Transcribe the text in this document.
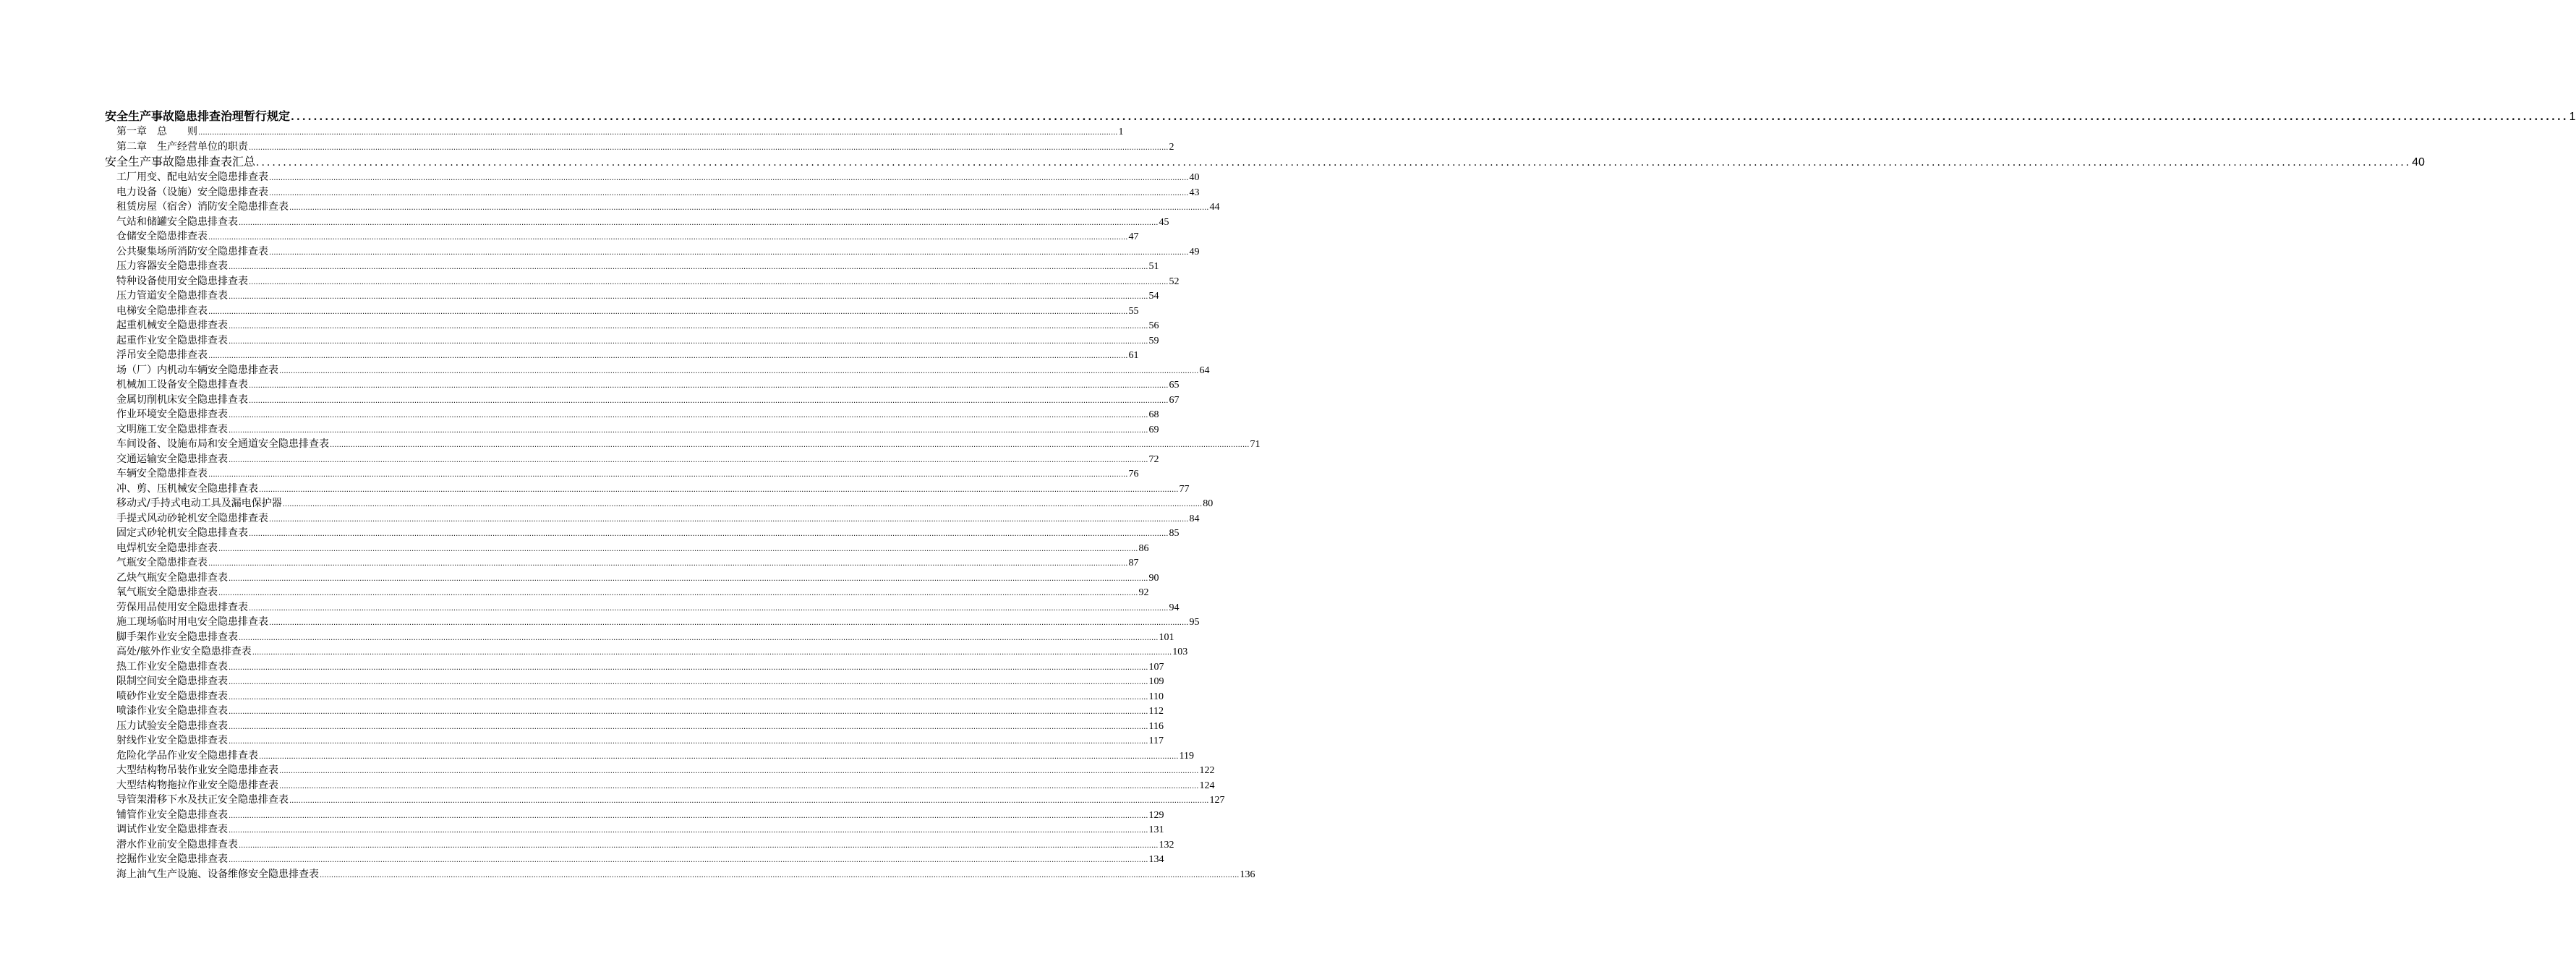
安全生产事故隐患排查治理暂行规定 ................................................................................................................................................................................................................................................................................................................................................................................................................ 1
第一章　总　　则 ................................................................................................................................................................................................................................................................................................................................................................................................................ 1
第二章　生产经营单位的职责 ................................................................................................................................................................................................................................................................................................................................................................................................................ 2
安全生产事故隐患排查表汇总 ................................................................................................................................................................................................................................................................................................................................................................................................................ 40
工厂用变、配电站安全隐患排查表 ................................................................................................................................................................................................................................................................................................................................................................................................................ 40
电力设备（设施）安全隐患排查表 ................................................................................................................................................................................................................................................................................................................................................................................................................ 43
租赁房屋（宿舍）消防安全隐患排查表 ................................................................................................................................................................................................................................................................................................................................................................................................................ 44
气站和储罐安全隐患排查表 ................................................................................................................................................................................................................................................................................................................................................................................................................ 45
仓储安全隐患排查表 ................................................................................................................................................................................................................................................................................................................................................................................................................ 47
公共聚集场所消防安全隐患排查表 ................................................................................................................................................................................................................................................................................................................................................................................................................ 49
压力容器安全隐患排查表 ................................................................................................................................................................................................................................................................................................................................................................................................................ 51
特种设备使用安全隐患排查表 ................................................................................................................................................................................................................................................................................................................................................................................................................ 52
压力管道安全隐患排查表 ................................................................................................................................................................................................................................................................................................................................................................................................................ 54
电梯安全隐患排查表 ................................................................................................................................................................................................................................................................................................................................................................................................................ 55
起重机械安全隐患排查表 ................................................................................................................................................................................................................................................................................................................................................................................................................ 56
起重作业安全隐患排查表 ................................................................................................................................................................................................................................................................................................................................................................................................................ 59
浮吊安全隐患排查表 ................................................................................................................................................................................................................................................................................................................................................................................................................ 61
场（厂）内机动车辆安全隐患排查表 ................................................................................................................................................................................................................................................................................................................................................................................................................ 64
机械加工设备安全隐患排查表 ................................................................................................................................................................................................................................................................................................................................................................................................................ 65
金属切削机床安全隐患排查表 ................................................................................................................................................................................................................................................................................................................................................................................................................ 67
作业环境安全隐患排查表 ................................................................................................................................................................................................................................................................................................................................................................................................................ 68
文明施工安全隐患排查表 ................................................................................................................................................................................................................................................................................................................................................................................................................ 69
车间设备、设施布局和安全通道安全隐患排查表 ................................................................................................................................................................................................................................................................................................................................................................................................................ 71
交通运输安全隐患排查表 ................................................................................................................................................................................................................................................................................................................................................................................................................ 72
车辆安全隐患排查表 ................................................................................................................................................................................................................................................................................................................................................................................................................ 76
冲、剪、压机械安全隐患排查表 ................................................................................................................................................................................................................................................................................................................................................................................................................ 77
移动式/手持式电动工具及漏电保护器 ................................................................................................................................................................................................................................................................................................................................................................................................................ 80
手提式风动砂轮机安全隐患排查表 ................................................................................................................................................................................................................................................................................................................................................................................................................ 84
固定式砂轮机安全隐患排查表 ................................................................................................................................................................................................................................................................................................................................................................................................................ 85
电焊机安全隐患排查表 ................................................................................................................................................................................................................................................................................................................................................................................................................ 86
气瓶安全隐患排查表 ................................................................................................................................................................................................................................................................................................................................................................................................................ 87
乙炔气瓶安全隐患排查表 ................................................................................................................................................................................................................................................................................................................................................................................................................ 90
氧气瓶安全隐患排查表 ................................................................................................................................................................................................................................................................................................................................................................................................................ 92
劳保用品使用安全隐患排查表 ................................................................................................................................................................................................................................................................................................................................................................................................................ 94
施工现场临时用电安全隐患排查表 ................................................................................................................................................................................................................................................................................................................................................................................................................ 95
脚手架作业安全隐患排查表 ................................................................................................................................................................................................................................................................................................................................................................................................................ 101
高处/舷外作业安全隐患排查表 ................................................................................................................................................................................................................................................................................................................................................................................................................ 103
热工作业安全隐患排查表 ................................................................................................................................................................................................................................................................................................................................................................................................................ 107
限制空间安全隐患排查表 ................................................................................................................................................................................................................................................................................................................................................................................................................ 109
喷砂作业安全隐患排查表 ................................................................................................................................................................................................................................................................................................................................................................................................................ 110
喷漆作业安全隐患排查表 ................................................................................................................................................................................................................................................................................................................................................................................................................ 112
压力试验安全隐患排查表 ................................................................................................................................................................................................................................................................................................................................................................................................................ 116
射线作业安全隐患排查表 ................................................................................................................................................................................................................................................................................................................................................................................................................ 117
危险化学品作业安全隐患排查表 ................................................................................................................................................................................................................................................................................................................................................................................................................ 119
大型结构物吊装作业安全隐患排查表 ................................................................................................................................................................................................................................................................................................................................................................................................................ 122
大型结构物拖拉作业安全隐患排查表 ................................................................................................................................................................................................................................................................................................................................................................................................................ 124
导管架滑移下水及扶正安全隐患排查表 ................................................................................................................................................................................................................................................................................................................................................................................................................ 127
铺管作业安全隐患排查表 ................................................................................................................................................................................................................................................................................................................................................................................................................ 129
调试作业安全隐患排查表 ................................................................................................................................................................................................................................................................................................................................................................................................................ 131
潜水作业前安全隐患排查表 ................................................................................................................................................................................................................................................................................................................................................................................................................ 132
挖掘作业安全隐患排查表 ................................................................................................................................................................................................................................................................................................................................................................................................................ 134
海上油气生产设施、设备维修安全隐患排查表 ................................................................................................................................................................................................................................................................................................................................................................................................................ 136
